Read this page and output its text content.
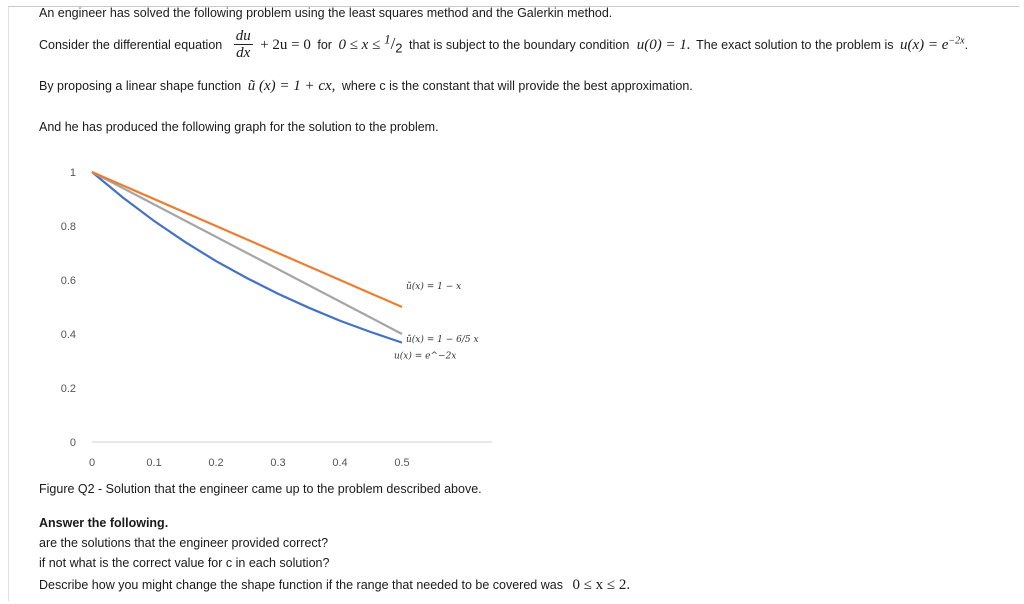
An engineer has solved the following problem using the least squares method and the Galerkin method.
Consider the differential equation $\frac{du}{dx} + 2u = 0$ for $0 \le x \le ^1/_2$ that is subject to the boundary condition u(0) = 1. The exact solution to the problem is $u(x) = e^{-2x}$.
By proposing a linear shape function ũ (x) = 1 + cx, where c is the constant that will provide the best approximation.
And he has produced the following graph for the solution to the problem.
0
0.2
0.4
0.6
0.8
1
0	0.1	0.2	0.3	0.4	0.5
ũ(x) = 1 − x
ũ(x) = 1 − 6/5 x
u(x) = e^−2x
Figure Q2 - Solution that the engineer came up to the problem described above.
Answer the following.
are the solutions that the engineer provided correct?
if not what is the correct value for c in each solution?
Describe how you might change the shape function if the range that needed to be covered was 0 ≤ x ≤ 2.
